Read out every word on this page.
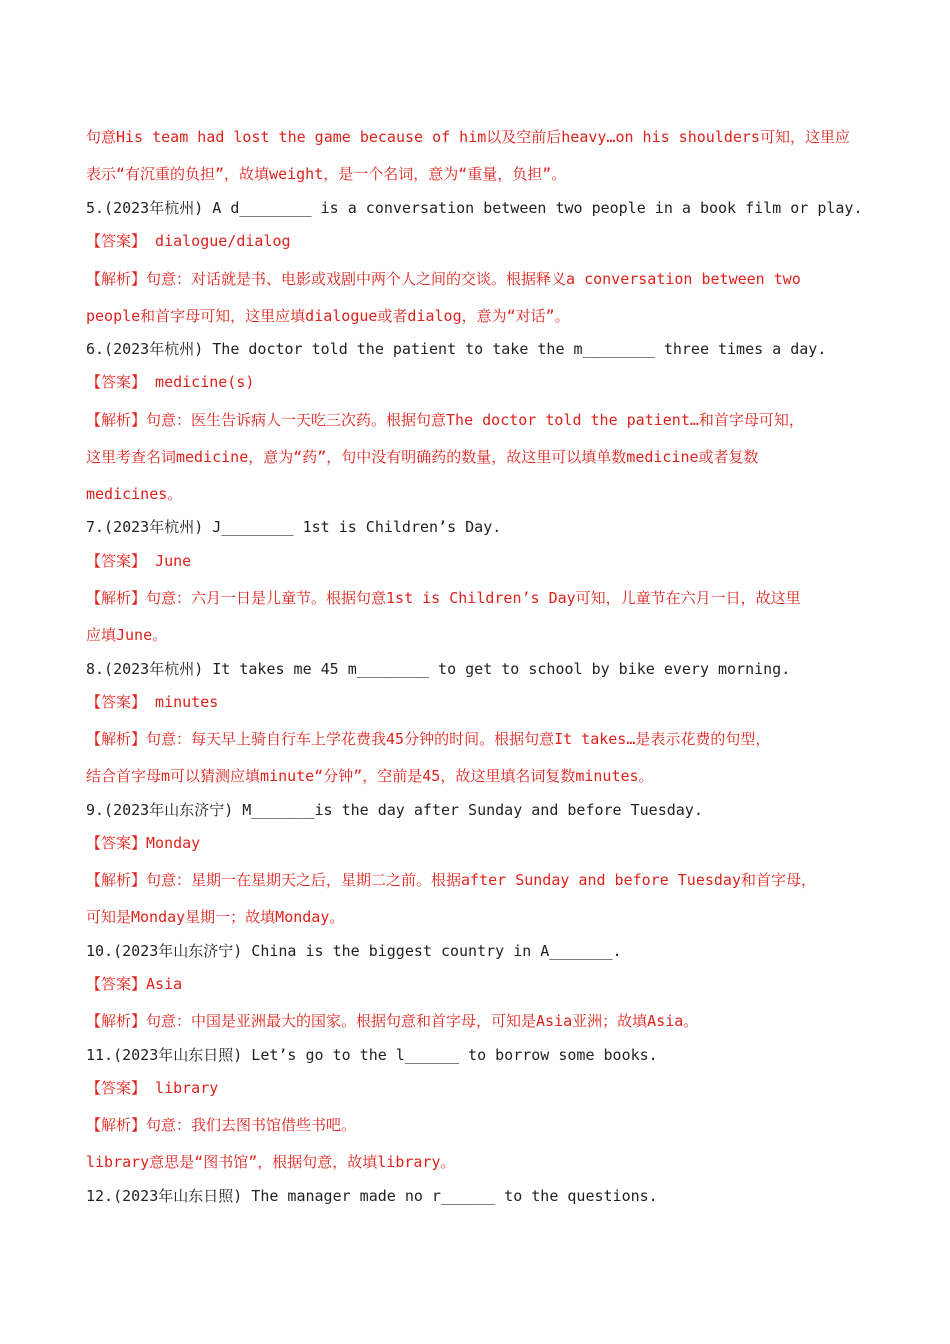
句意His team had lost the game because of him以及空前后heavy…on his shoulders可知，这里应
表示“有沉重的负担”，故填weight，是一个名词，意为“重量，负担”。
5.(2023年杭州) A d________ is a conversation between two people in a book film or play.
【答案】 dialogue/dialog
【解析】句意：对话就是书、电影或戏剧中两个人之间的交谈。根据释义a conversation between two
people和首字母可知，这里应填dialogue或者dialog，意为“对话”。
6.(2023年杭州) The doctor told the patient to take the m________ three times a day.
【答案】 medicine(s)
【解析】句意：医生告诉病人一天吃三次药。根据句意The doctor told the patient…和首字母可知，
这里考查名词medicine，意为“药”，句中没有明确药的数量，故这里可以填单数medicine或者复数
medicines。
7.(2023年杭州) J________ 1st is Children’s Day.
【答案】 June
【解析】句意：六月一日是儿童节。根据句意1st is Children’s Day可知，儿童节在六月一日，故这里
应填June。
8.(2023年杭州) It takes me 45 m________ to get to school by bike every morning.
【答案】 minutes
【解析】句意：每天早上骑自行车上学花费我45分钟的时间。根据句意It takes…是表示花费的句型，
结合首字母m可以猜测应填minute“分钟”，空前是45，故这里填名词复数minutes。
9.(2023年山东济宁) M_______is the day after Sunday and before Tuesday.
【答案】Monday
【解析】句意：星期一在星期天之后，星期二之前。根据after Sunday and before Tuesday和首字母，
可知是Monday星期一；故填Monday。
10.(2023年山东济宁) China is the biggest country in A_______.
【答案】Asia
【解析】句意：中国是亚洲最大的国家。根据句意和首字母，可知是Asia亚洲；故填Asia。
11.(2023年山东日照) Let’s go to the l______ to borrow some books.
【答案】 library
【解析】句意：我们去图书馆借些书吧。
library意思是“图书馆”，根据句意，故填library。
12.(2023年山东日照) The manager made no r______ to the questions.
